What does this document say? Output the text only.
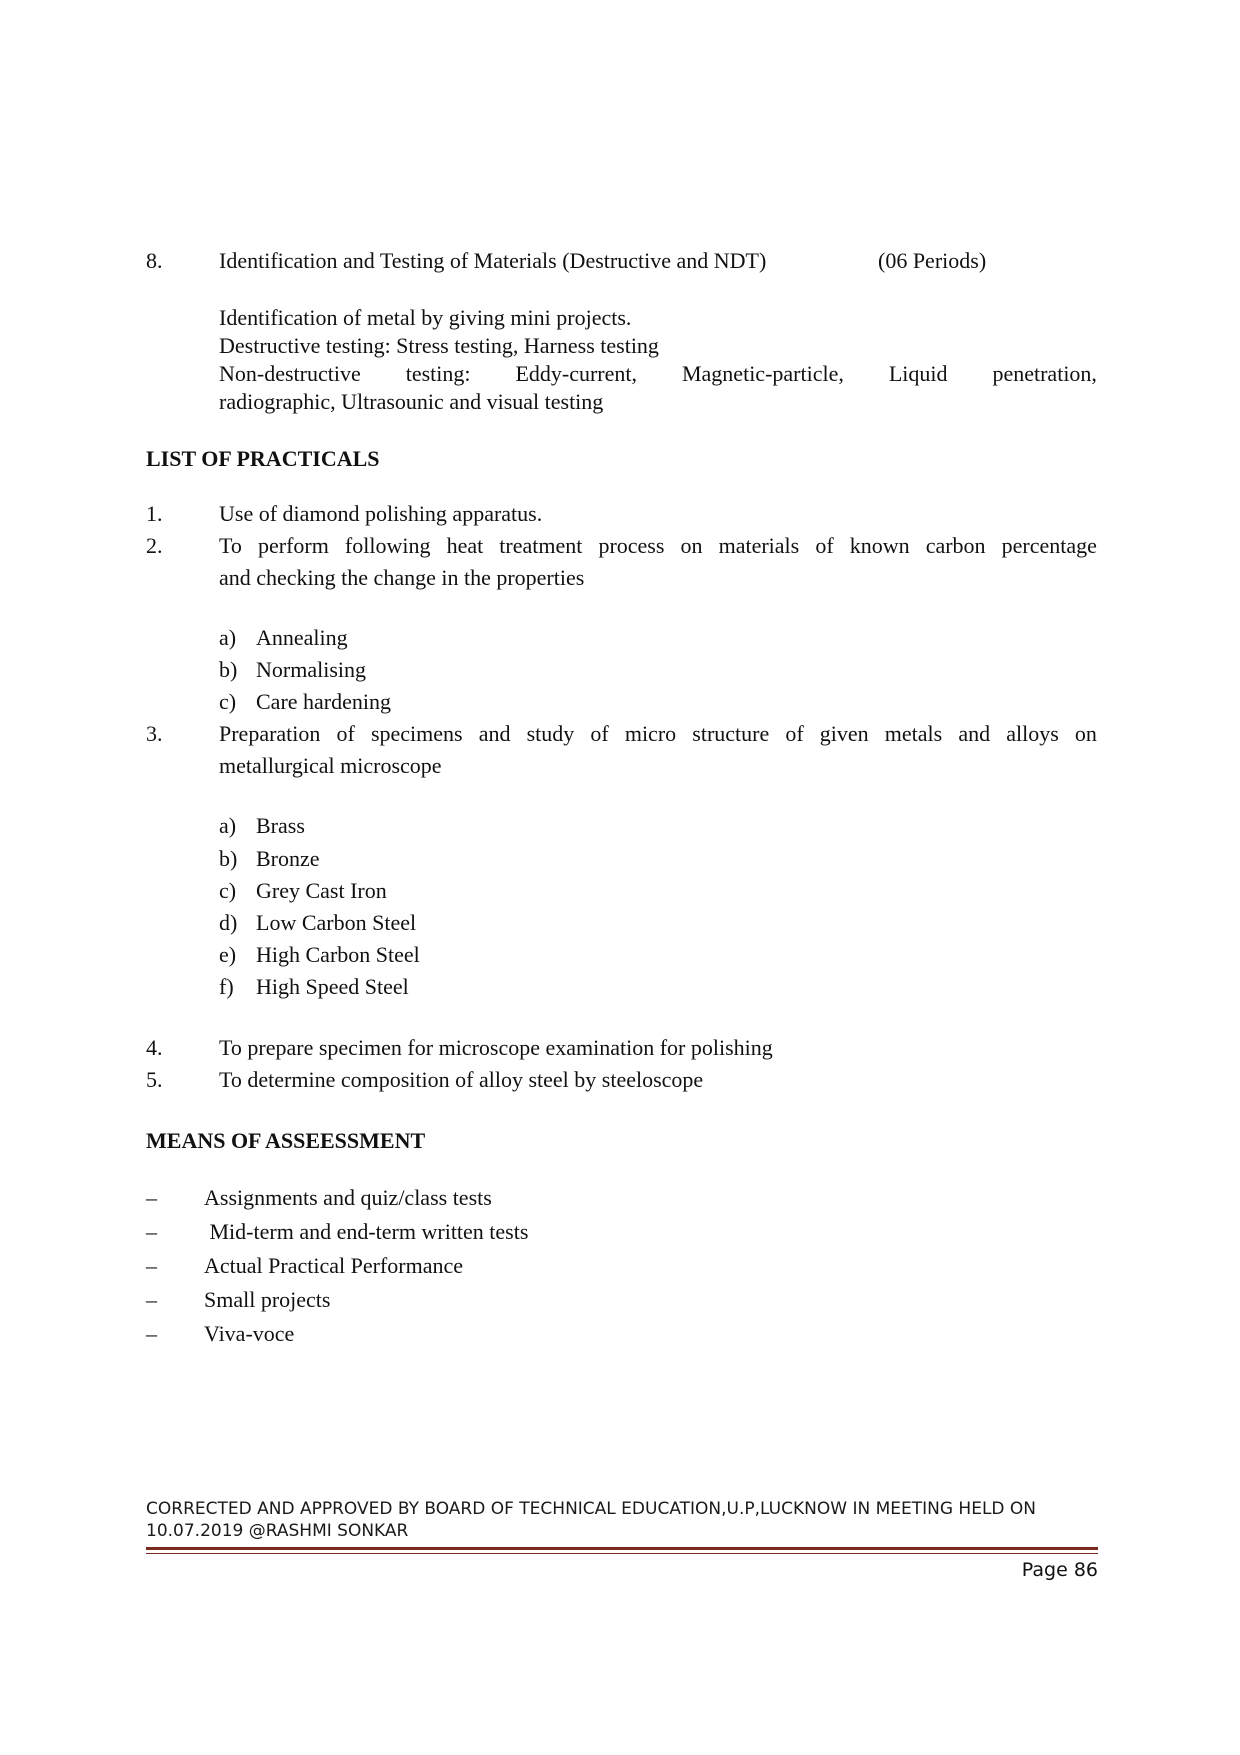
8.	Identification and Testing of Materials (Destructive and NDT)	(06 Periods)
Identification of metal by giving mini projects.
Destructive testing: Stress testing, Harness testing
Non-destructive testing: Eddy-current, Magnetic-particle, Liquid penetration,
radiographic, Ultrasounic and visual testing
LIST OF PRACTICALS
1.	Use of diamond polishing apparatus.
2.	To perform following heat treatment process on materials of known carbon percentage
and checking the change in the properties
a) Annealing
b) Normalising
c) Care hardening
3.	Preparation of specimens and study of micro structure of given metals and alloys on
metallurgical microscope
a) Brass
b) Bronze
c) Grey Cast Iron
d) Low Carbon Steel
e) High Carbon Steel
f) High Speed Steel
4.	To prepare specimen for microscope examination for polishing
5.	To determine composition of alloy steel by steeloscope
MEANS OF ASSEESSMENT
– Assignments and quiz/class tests
– Mid-term and end-term written tests
– Actual Practical Performance
– Small projects
– Viva-voce
CORRECTED AND APPROVED BY BOARD OF TECHNICAL EDUCATION,U.P,LUCKNOW IN MEETING HELD ON
10.07.2019 @RASHMI SONKAR
Page 86
